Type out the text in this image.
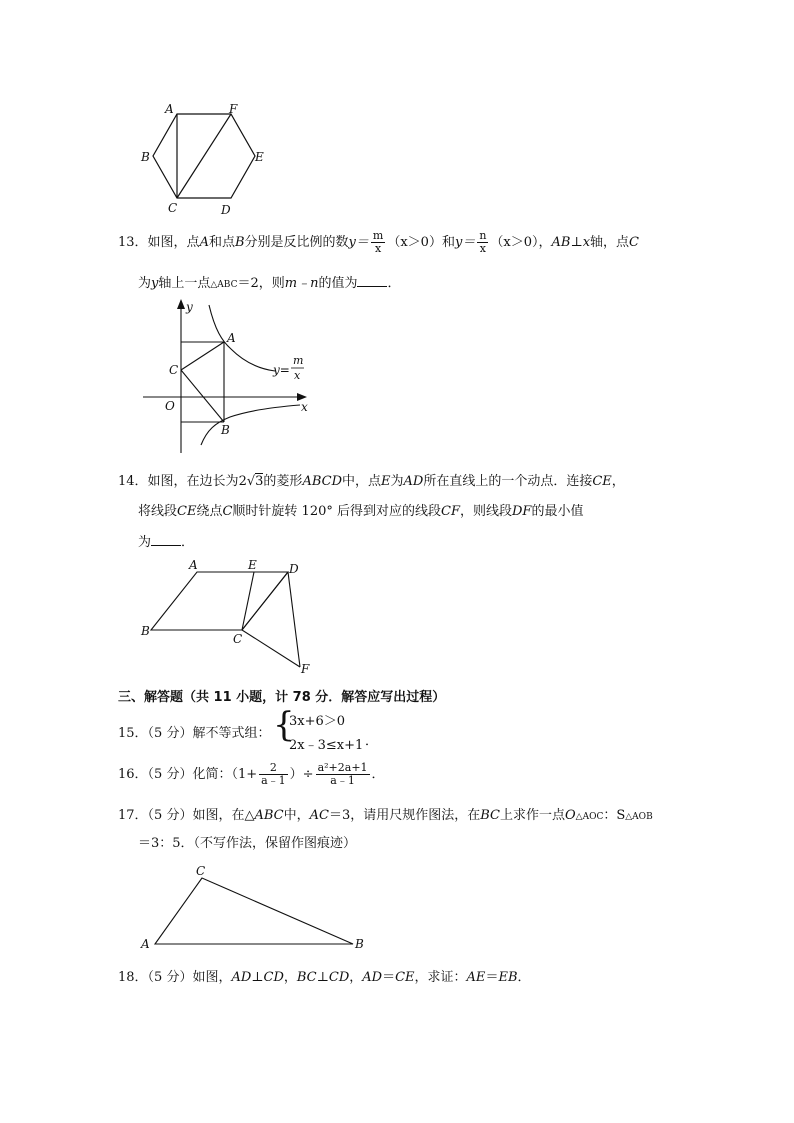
A	F
B	E
C	D
13．如图，点A和点B分别是反比例的数$y= \frac{m}{x} (x>0)$和$y= \frac{n}{x} (x>0)$，AB⊥x轴，点C
为y轴上一点△ABC＝2，则m﹣n的值为 ．
y
A
C
O	x
B
y=
m
x
14．如图，在边长为2√3的菱形ABCD中，点E为AD所在直线上的一个动点．连接CE，
将线段CE绕点C顺时针旋转 120° 后得到对应的线段CF，则线段DF的最小值
为 ．
A	E	D
B
C
F
三、解答题（共 11 小题，计 78 分．解答应写出过程）
15．（5 分）解不等式组： {
3x+6＞0
2x﹣3≤x+1 ．
16．（5 分）化简：（$1+ \frac{2}{a﹣1}$ ）÷ $\frac{\text{a²+2a+1}}{a﹣1}$ ．
17．（5 分）如图，在△ABC中，AC＝3，请用尺规作图法，在BC上求作一点O△AOC：S△AOB
＝3：5．（不写作法，保留作图痕迹）
C
A	B
18．（5 分）如图，AD⊥CD，BC⊥CD，AD＝CE，求证：AE＝EB．
